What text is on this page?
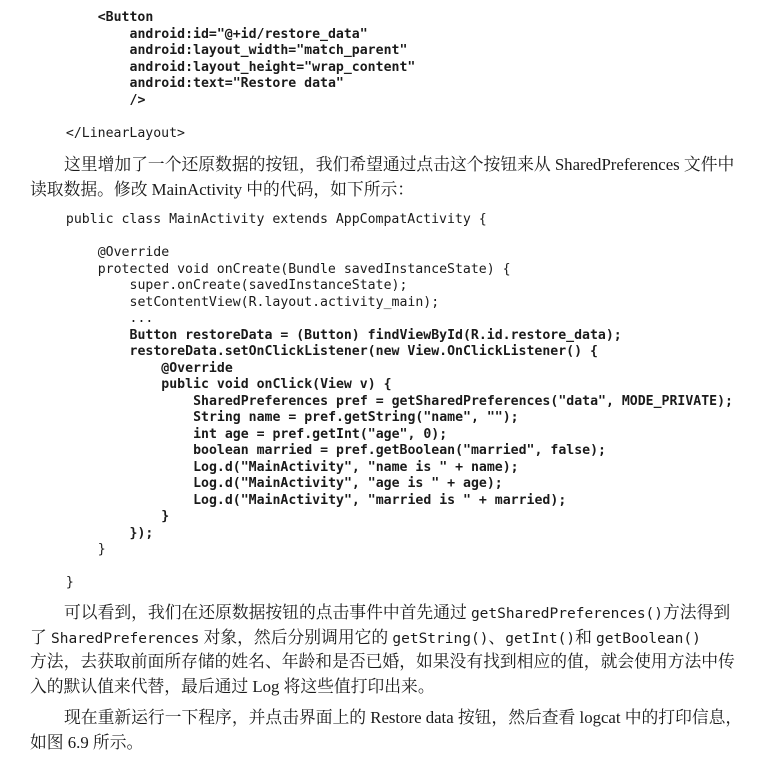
<Button
android:id="@+id/restore_data"
android:layout_width="match_parent"
android:layout_height="wrap_content"
android:text="Restore data"
/>
</LinearLayout>
这里增加了一个还原数据的按钮，我们希望通过点击这个按钮来从 SharedPreferences 文件中
读取数据。修改 MainActivity 中的代码，如下所示：
public class MainActivity extends AppCompatActivity {
@Override
protected void onCreate(Bundle savedInstanceState) {
super.onCreate(savedInstanceState);
setContentView(R.layout.activity_main);
...
Button restoreData = (Button) findViewById(R.id.restore_data);
restoreData.setOnClickListener(new View.OnClickListener() {
@Override
public void onClick(View v) {
SharedPreferences pref = getSharedPreferences("data", MODE_PRIVATE);
String name = pref.getString("name", "");
int age = pref.getInt("age", 0);
boolean married = pref.getBoolean("married", false);
Log.d("MainActivity", "name is " + name);
Log.d("MainActivity", "age is " + age);
Log.d("MainActivity", "married is " + married);
}
});
}
}
可以看到，我们在还原数据按钮的点击事件中首先通过 getSharedPreferences()方法得到
了 SharedPreferences 对象，然后分别调用它的 getString()、getInt()和 getBoolean()
方法，去获取前面所存储的姓名、年龄和是否已婚，如果没有找到相应的值，就会使用方法中传
入的默认值来代替，最后通过 Log 将这些值打印出来。
现在重新运行一下程序，并点击界面上的 Restore data 按钮，然后查看 logcat 中的打印信息，
如图 6.9 所示。
